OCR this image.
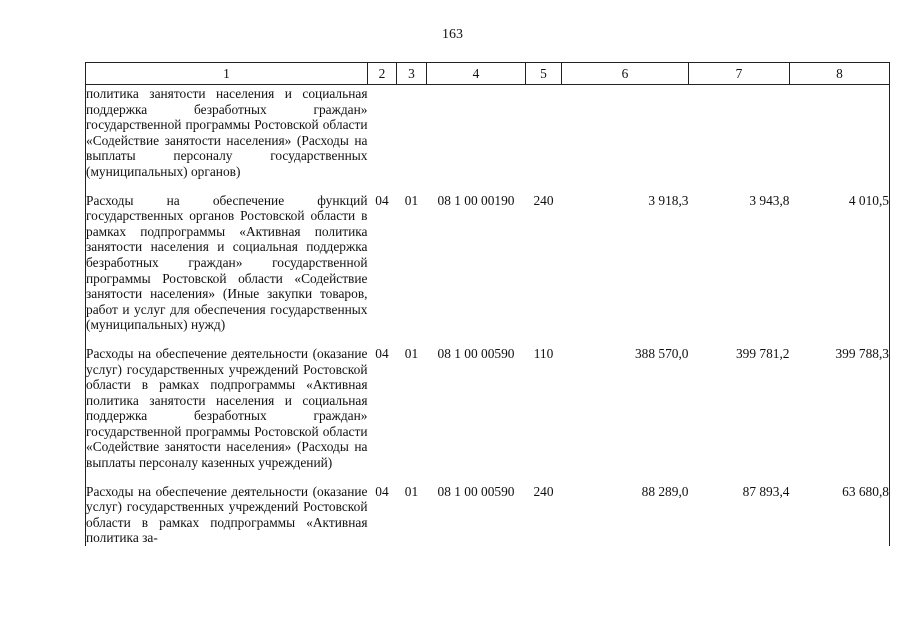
163
1	2	3	4	5	6	7	8
политика занятости населения и социальная поддержка безработных граждан» государственной программы Ростовской области «Содействие занятости населения» (Расходы на выплаты персоналу государственных (муниципальных) органов)							
Расходы на обеспечение функций государственных органов Ростовской области в рамках подпрограммы «Активная политика занятости населения и социальная поддержка безработных граждан» государственной программы Ростовской области «Содействие занятости населения» (Иные закупки товаров, работ и услуг для обеспечения государственных (муниципальных) нужд)	04	01	08 1 00 00190	240	3 918,3	3 943,8	4 010,5
Расходы на обеспечение деятельности (оказание услуг) государственных учреждений Ростовской области в рамках подпрограммы «Активная политика занятости населения и социальная поддержка безработных граждан» государственной программы Ростовской области «Содействие занятости населения» (Расходы на выплаты персоналу казенных учреждений)	04	01	08 1 00 00590	110	388 570,0	399 781,2	399 788,3
Расходы на обеспечение деятельности (оказание услуг) государственных учреждений Ростовской области в рамках подпрограммы «Активная политика за-	04	01	08 1 00 00590	240	88 289,0	87 893,4	63 680,8
